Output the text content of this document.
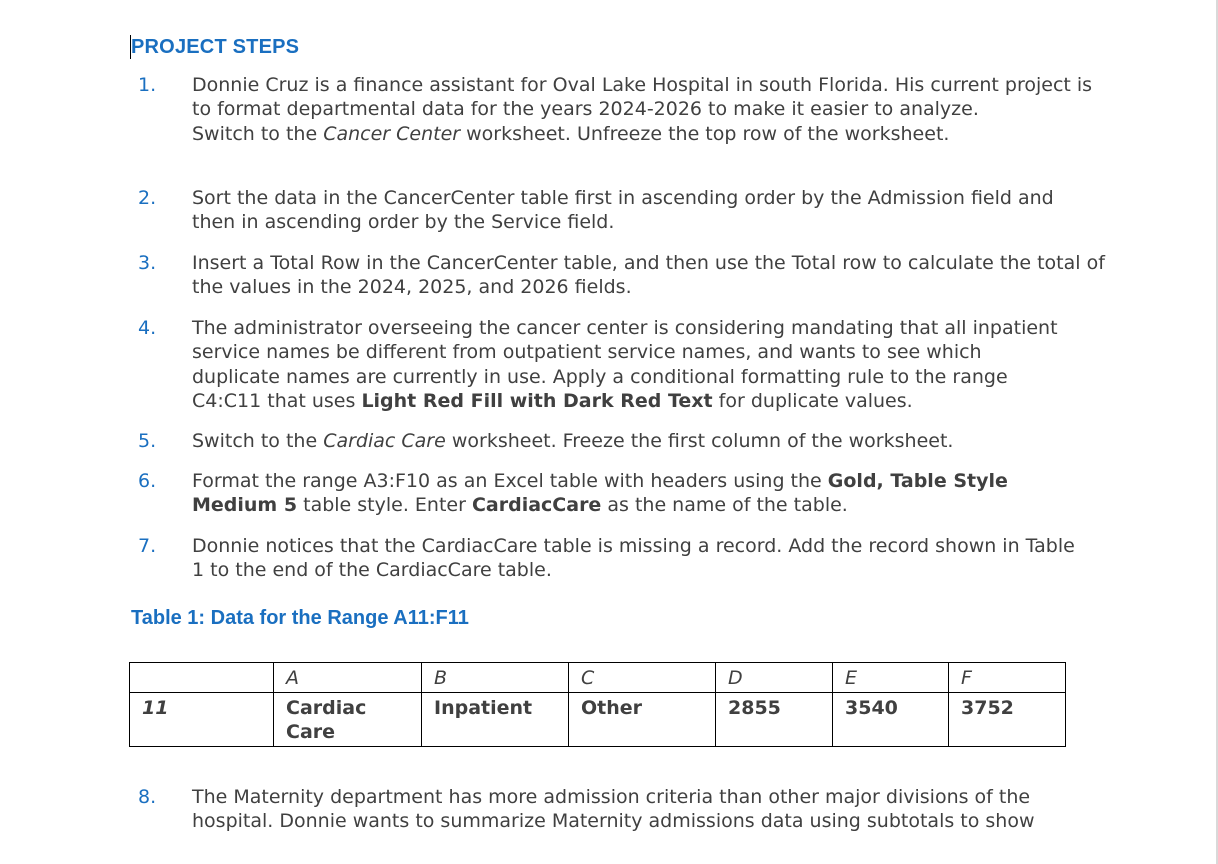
PROJECT STEPS
1. Donnie Cruz is a finance assistant for Oval Lake Hospital in south Florida. His current project is to format departmental data for the years 2024-2026 to make it easier to analyze.

Switch to the Cancer Center worksheet. Unfreeze the top row of the worksheet.

2. Sort the data in the CancerCenter table first in ascending order by the Admission field and then in ascending order by the Service field.
3. Insert a Total Row in the CancerCenter table, and then use the Total row to calculate the total of the values in the 2024, 2025, and 2026 fields.
4. The administrator overseeing the cancer center is considering mandating that all inpatient service names be different from outpatient service names, and wants to see which duplicate names are currently in use. Apply a conditional formatting rule to the range C4:C11 that uses Light Red Fill with Dark Red Text for duplicate values.
5. Switch to the Cardiac Care worksheet. Freeze the first column of the worksheet.
6. Format the range A3:F10 as an Excel table with headers using the Gold, Table Style Medium 5 table style. Enter CardiacCare as the name of the table.
7. Donnie notices that the CardiacCare table is missing a record. Add the record shown in Table 1 to the end of the CardiacCare table.
Table 1: Data for the Range A11:F11
	A	B	C	D	E	F
11	Cardiac Care	Inpatient	Other	2855	3540	3752
8. The Maternity department has more admission criteria than other major divisions of the hospital. Donnie wants to summarize Maternity admissions data using subtotals to show
